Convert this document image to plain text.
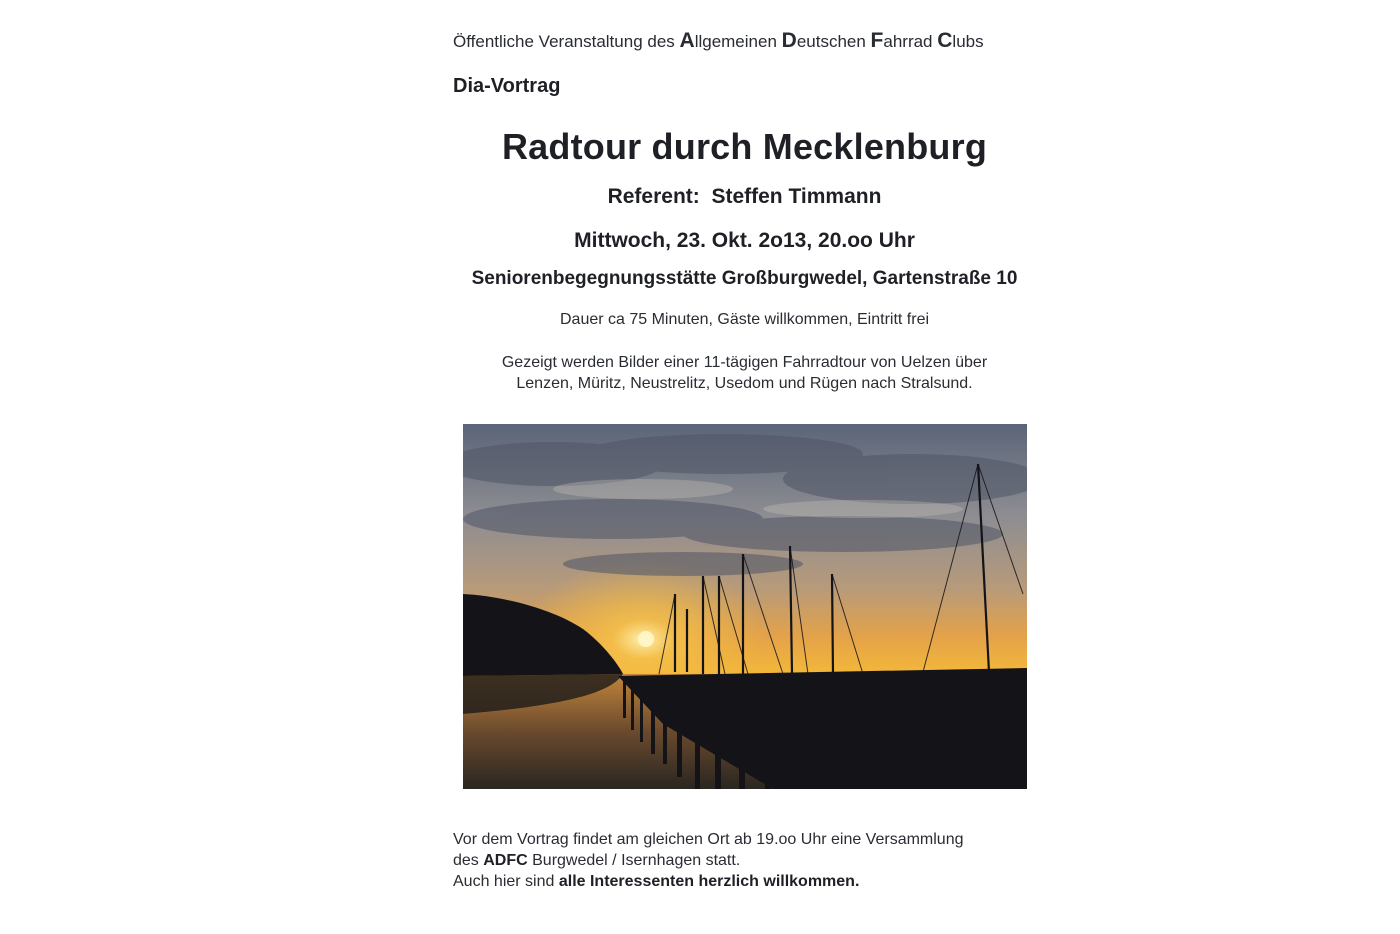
Öffentliche Veranstaltung des Allgemeinen Deutschen Fahrrad Clubs

Dia-Vortrag

Radtour durch Mecklenburg

Referent: Steffen Timmann

Mittwoch, 23. Okt. 2o13, 20.oo Uhr

Seniorenbegegnungsstätte Großburgwedel, Gartenstraße 10

Dauer ca 75 Minuten, Gäste willkommen, Eintritt frei

Gezeigt werden Bilder einer 11-tägigen Fahrradtour von Uelzen über
Lenzen, Müritz, Neustrelitz, Usedom und Rügen nach Stralsund.
Vor dem Vortrag findet am gleichen Ort ab 19.oo Uhr eine Versammlung
des ADFC Burgwedel / Isernhagen statt.
Auch hier sind alle Interessenten herzlich willkommen.
